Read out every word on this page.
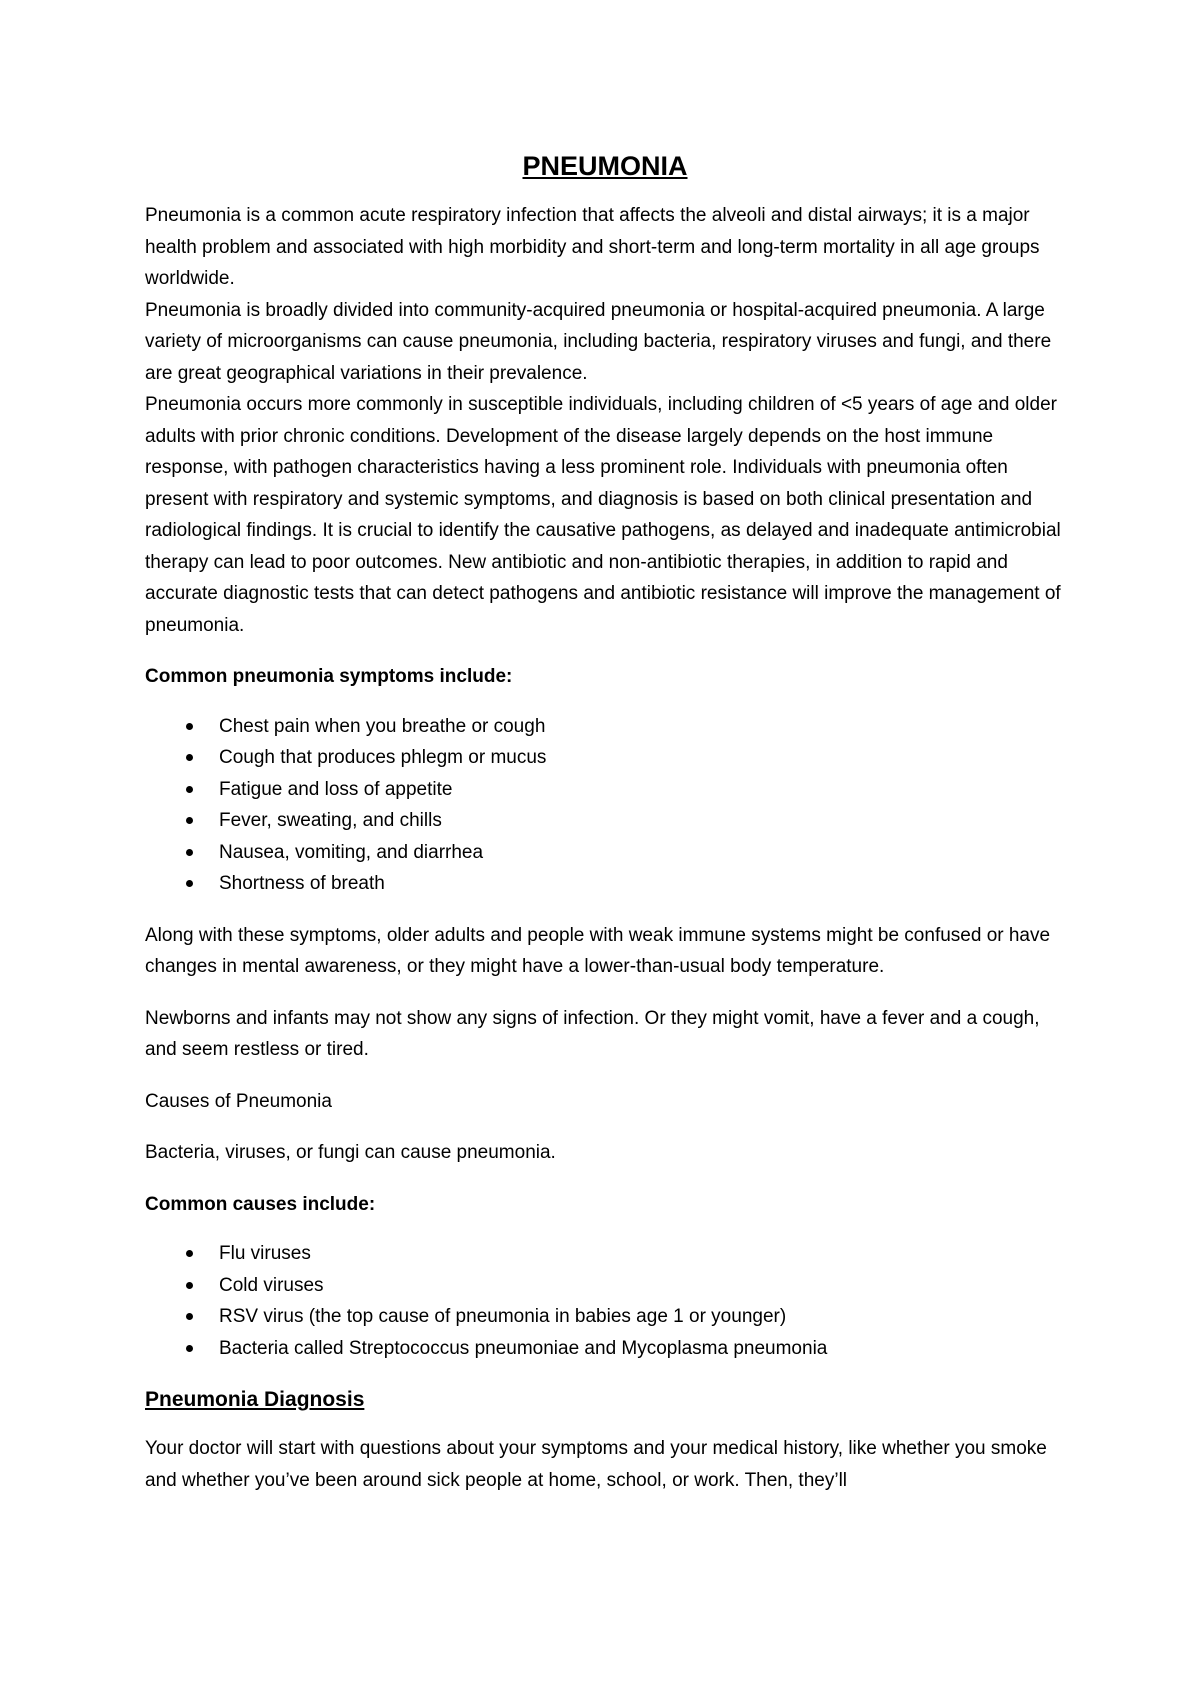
PNEUMONIA

Pneumonia is a common acute respiratory infection that affects the alveoli and distal airways; it is a major health problem and associated with high morbidity and short-term and long-term mortality in all age groups worldwide.

Pneumonia is broadly divided into community-acquired pneumonia or hospital-acquired pneumonia. A large variety of microorganisms can cause pneumonia, including bacteria, respiratory viruses and fungi, and there are great geographical variations in their prevalence.

Pneumonia occurs more commonly in susceptible individuals, including children of <5 years of age and older adults with prior chronic conditions. Development of the disease largely depends on the host immune response, with pathogen characteristics having a less prominent role. Individuals with pneumonia often present with respiratory and systemic symptoms, and diagnosis is based on both clinical presentation and radiological findings. It is crucial to identify the causative pathogens, as delayed and inadequate antimicrobial therapy can lead to poor outcomes. New antibiotic and non-antibiotic therapies, in addition to rapid and accurate diagnostic tests that can detect pathogens and antibiotic resistance will improve the management of pneumonia.

Common pneumonia symptoms include:

Chest pain when you breathe or cough
Cough that produces phlegm or mucus
Fatigue and loss of appetite
Fever, sweating, and chills
Nausea, vomiting, and diarrhea
Shortness of breath

Along with these symptoms, older adults and people with weak immune systems might be confused or have changes in mental awareness, or they might have a lower-than-usual body temperature.

Newborns and infants may not show any signs of infection. Or they might vomit, have a fever and a cough, and seem restless or tired.

Causes of Pneumonia

Bacteria, viruses, or fungi can cause pneumonia.

Common causes include:

Flu viruses
Cold viruses
RSV virus (the top cause of pneumonia in babies age 1 or younger)
Bacteria called Streptococcus pneumoniae and Mycoplasma pneumonia
Pneumonia Diagnosis

Your doctor will start with questions about your symptoms and your medical history, like whether you smoke and whether you’ve been around sick people at home, school, or work. Then, they’ll
